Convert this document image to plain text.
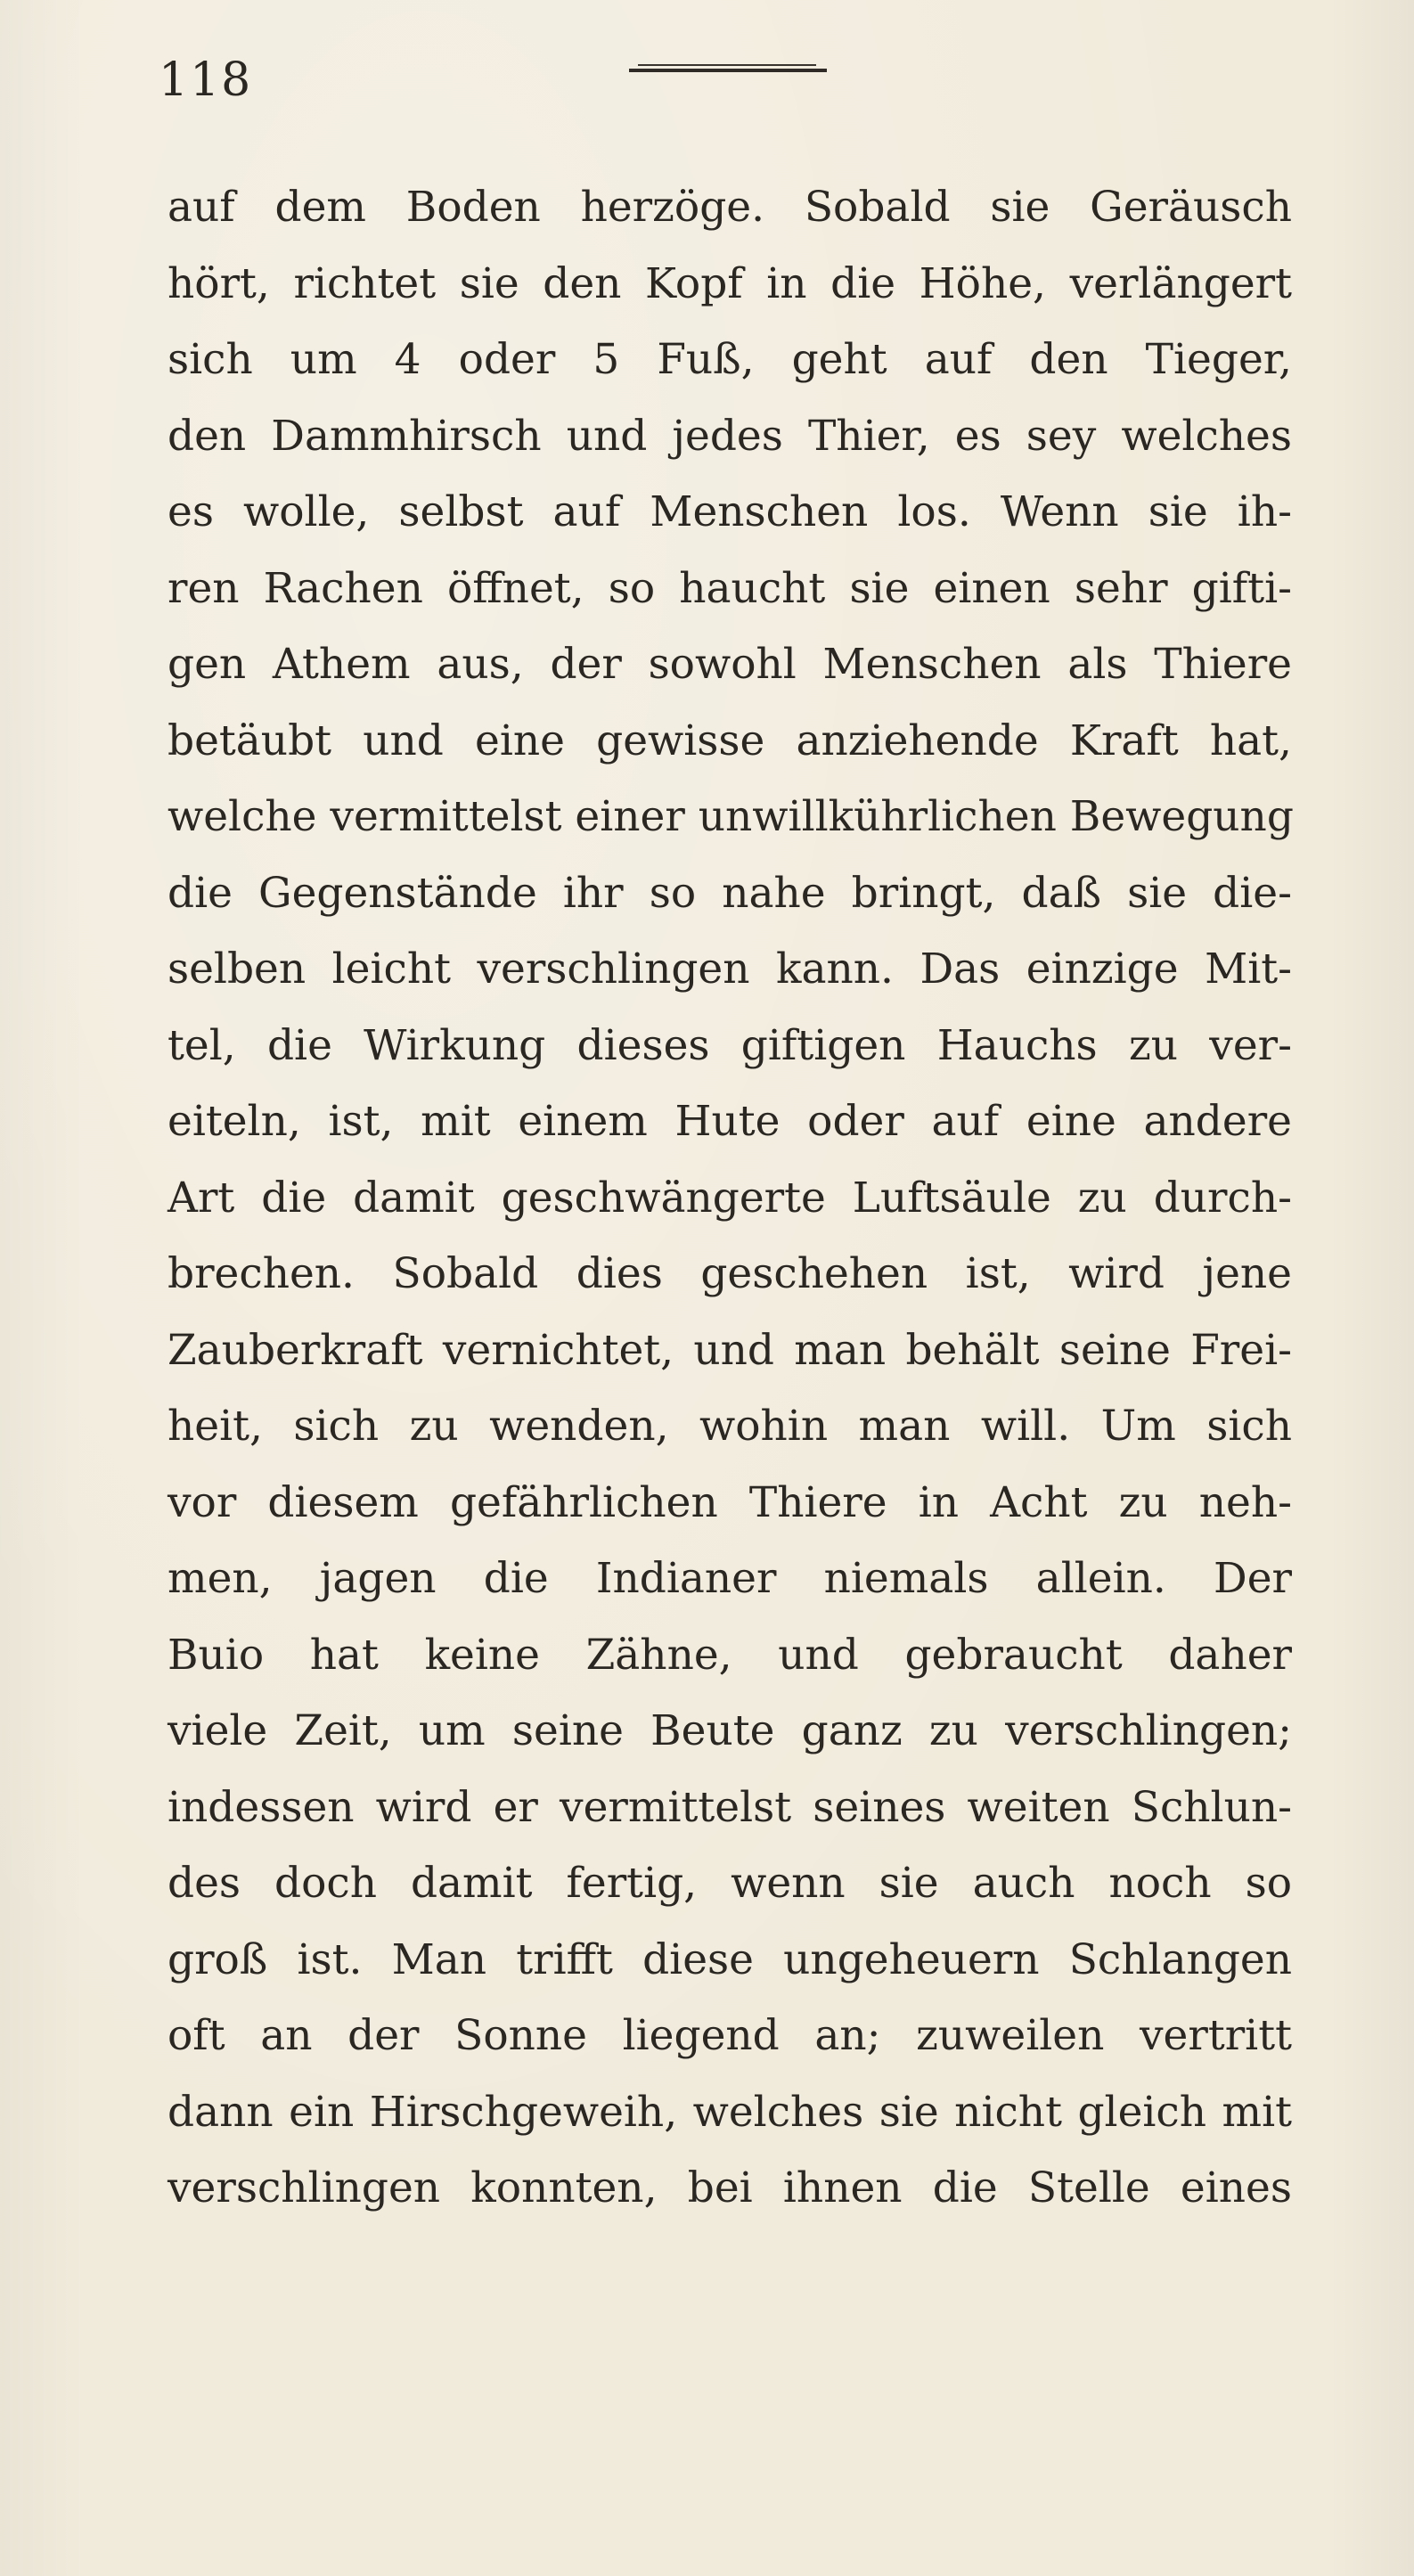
118
auf dem Boden herzöge. Sobald sie Geräusch
hört, richtet sie den Kopf in die Höhe, verlängert
sich um 4 oder 5 Fuß, geht auf den Tieger,
den Dammhirsch und jedes Thier, es sey welches
es wolle, selbst auf Menschen los. Wenn sie ih-
ren Rachen öffnet, so haucht sie einen sehr gifti-
gen Athem aus, der sowohl Menschen als Thiere
betäubt und eine gewisse anziehende Kraft hat,
welche vermittelst einer unwillkührlichen Bewegung
die Gegenstände ihr so nahe bringt, daß sie die-
selben leicht verschlingen kann. Das einzige Mit-
tel, die Wirkung dieses giftigen Hauchs zu ver-
eiteln, ist, mit einem Hute oder auf eine andere
Art die damit geschwängerte Luftsäule zu durch-
brechen. Sobald dies geschehen ist, wird jene
Zauberkraft vernichtet, und man behält seine Frei-
heit, sich zu wenden, wohin man will. Um sich
vor diesem gefährlichen Thiere in Acht zu neh-
men, jagen die Indianer niemals allein. Der
Buio hat keine Zähne, und gebraucht daher
viele Zeit, um seine Beute ganz zu verschlingen;
indessen wird er vermittelst seines weiten Schlun-
des doch damit fertig, wenn sie auch noch so
groß ist. Man trifft diese ungeheuern Schlangen
oft an der Sonne liegend an; zuweilen vertritt
dann ein Hirschgeweih, welches sie nicht gleich mit
verschlingen konnten, bei ihnen die Stelle eines
